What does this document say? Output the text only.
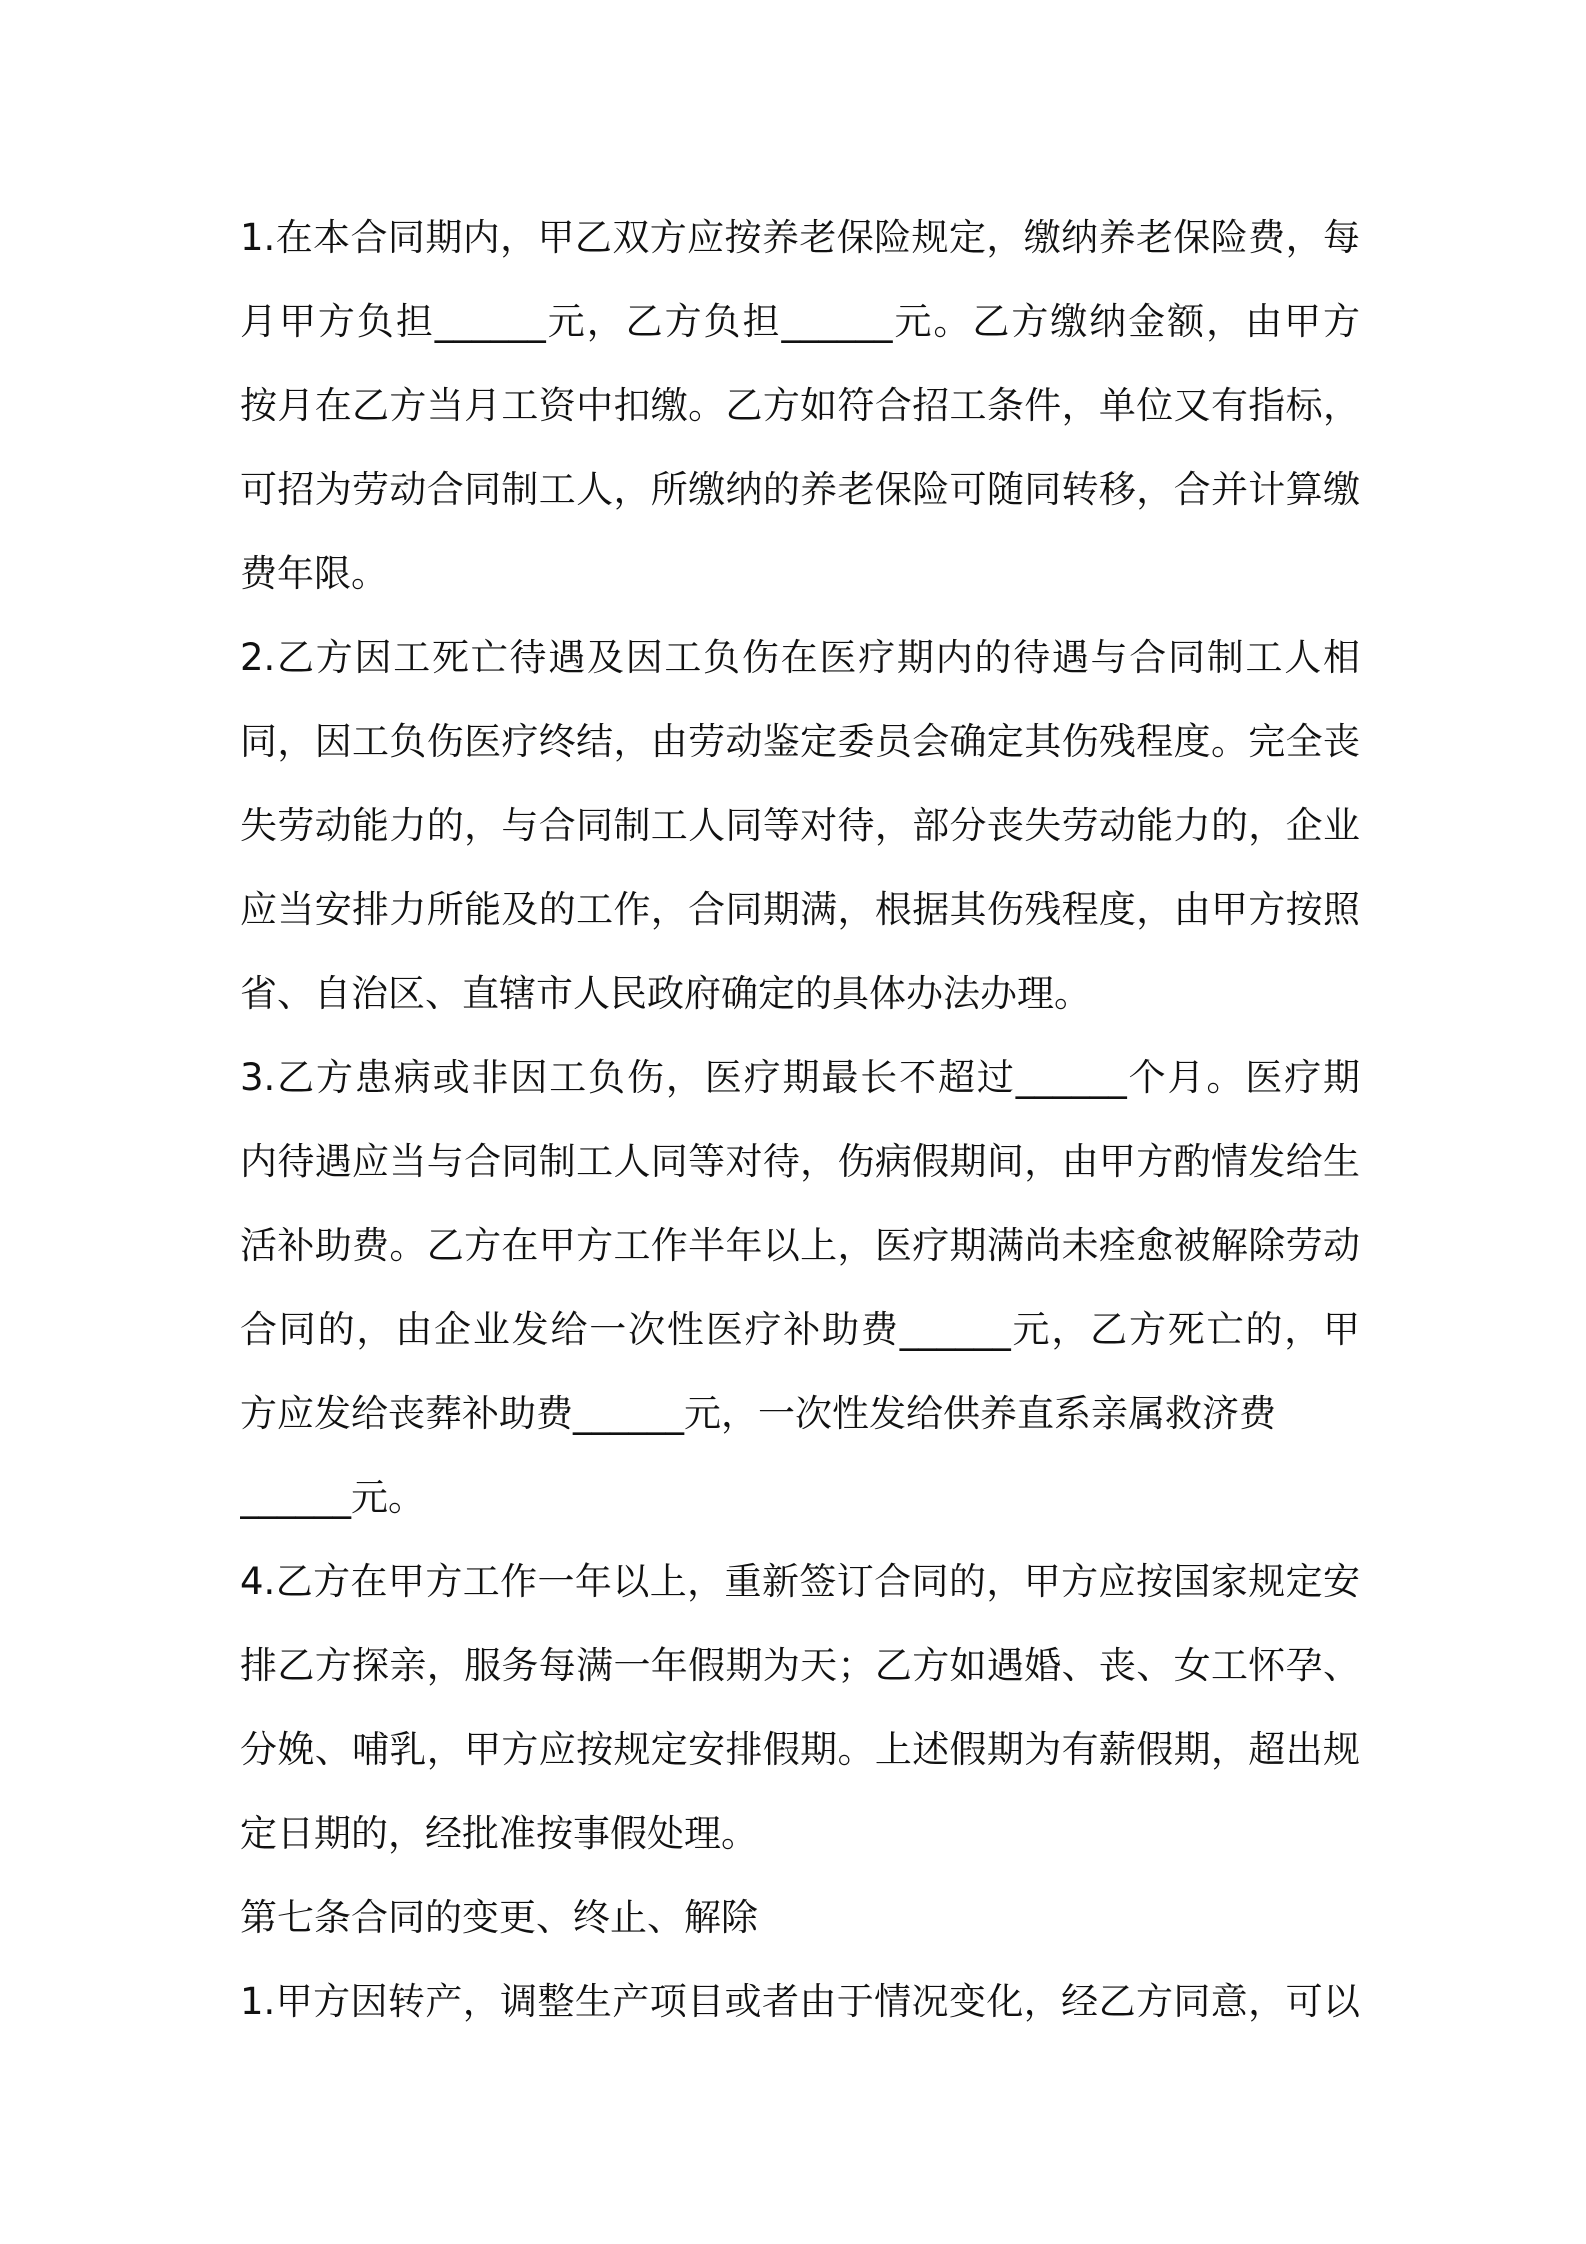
1.在本合同期内，甲乙双方应按养老保险规定，缴纳养老保险费，每
月甲方负担______元，乙方负担______元。乙方缴纳金额，由甲方
按月在乙方当月工资中扣缴。乙方如符合招工条件，单位又有指标，
可招为劳动合同制工人，所缴纳的养老保险可随同转移，合并计算缴
费年限。
2.乙方因工死亡待遇及因工负伤在医疗期内的待遇与合同制工人相
同，因工负伤医疗终结，由劳动鉴定委员会确定其伤残程度。完全丧
失劳动能力的，与合同制工人同等对待，部分丧失劳动能力的，企业
应当安排力所能及的工作，合同期满，根据其伤残程度，由甲方按照
省、自治区、直辖市人民政府确定的具体办法办理。
3.乙方患病或非因工负伤，医疗期最长不超过______个月。医疗期
内待遇应当与合同制工人同等对待，伤病假期间，由甲方酌情发给生
活补助费。乙方在甲方工作半年以上，医疗期满尚未痊愈被解除劳动
合同的，由企业发给一次性医疗补助费______元，乙方死亡的，甲
方应发给丧葬补助费______元，一次性发给供养直系亲属救济费
______元。
4.乙方在甲方工作一年以上，重新签订合同的，甲方应按国家规定安
排乙方探亲，服务每满一年假期为天；乙方如遇婚、丧、女工怀孕、
分娩、哺乳，甲方应按规定安排假期。上述假期为有薪假期，超出规
定日期的，经批准按事假处理。
第七条合同的变更、终止、解除
1.甲方因转产，调整生产项目或者由于情况变化，经乙方同意，可以
